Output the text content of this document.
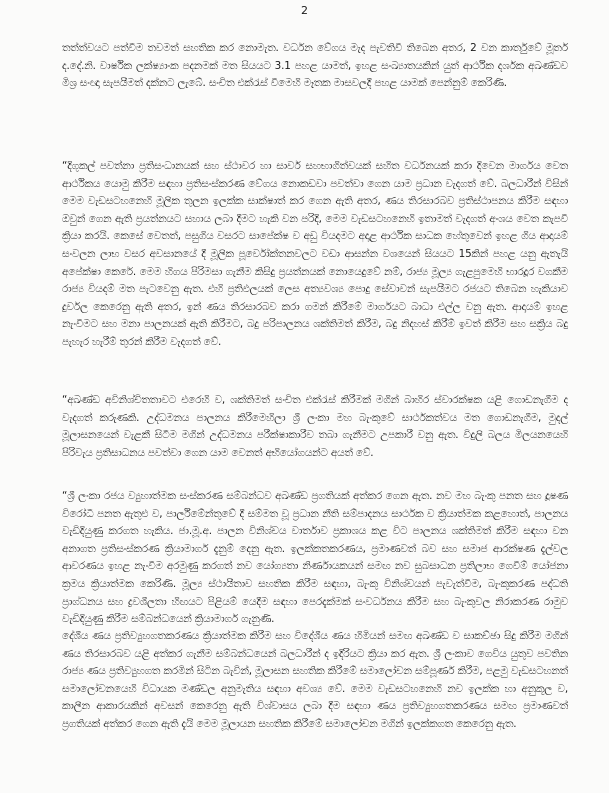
2

තත්ත්වයට පත්වීම තවමත් සහතික කර නොමැත. වර්ධන වේගය මැද පැවතිවී තිබෙන අතර, 2 වන කාර්තුවේ මූර්ත ද.දේ.නි. වාර්ෂික ලක්ෂ්‍යාංක පදනමක් මත සියයට 3.1 පහළ යාමත්, ඉහළ සංඛ්‍යාතයකින් යුත් ආර්ථික දර්ශක අඛණ්ඩව මිශ්‍ර සංඥා සැපයීමත් දක්නට ලැබේ. සංචිත එක්රැස් වීමෙහි මෑතක මාසවලදී පහළ යාමක් පෙන්නුම් කෙරිණි.

“දිගුකල් පවත්නා ප්‍රතිසංධානයක් සහ ස්ථාවර හා සාර්ව සහභාගිත්වයක් සහිත වර්ධනයක් කරා දිවෙන මාර්ගය වෙත ආර්ථිකය යොමු කිරීම සඳහා ප්‍රතිසංස්කරණ වේගය නොකඩවා පවත්වා ගෙන යාම ප්‍රධාන වැදගත් වේ. බලධාරීන් විසින් මෙම වැඩසටහනෙහි මූලික තුලන ඉලක්ක සාක්ෂාත් කර ගෙන ඇති අතර, ණය තිරසාරබව ප්‍රතිස්ථාපනය කිරීම සඳහා ඔවුන් ගෙන ඇති ප්‍රයත්නයට සහාය ලබා දීමට හැකි වන පරිදි, මෙම වැඩසටහනෙහි ඉතාමත් වැදගත් අංශය වෙත කැපවී ක්‍රියා කරයි. කෙසේ වෙතත්, පසුගිය වසරට සාපේක්ෂ ව අඩු වියදමට අදාළ ආර්ථික සාධක හේතුවෙන් ඉහළ ගිය ආදායම් සංවලන ලාභ වසර අවසානයේ දී මූලික පූර්වෝක්තනවලට වඩා ආසන්න වශයෙන් සියයට 15කින් පහළ යනු ඇතැයි අපේක්ෂා කෙරේ. මෙම හිගය පිරිමසා ගැනීම කිසිදු ප්‍රයත්නයක් නොයෙදුවේ නම්, රාජ්‍ය මූල්‍ය ගැළපුමෙහි භාරදූර වගකීම රාජ්‍ය වියදම් මත පැටවෙනු ඇත. එහි ප්‍රතිඵලයක් ලෙස අත්‍යවශ්‍ය පොදු සේවාවන් සැපයීමට රජයට තිබෙන හැකියාව දුර්වල කෙරෙනු ඇති අතර, ඉන් ණය තිරසාරබව කරා ගමන් කිරීමේ මාර්ගයට බාධා එල්ල වනු ඇත. ආදායම් ඉහළ නැංවීමට සහ මනා පාලනයක් ඇති කිරීමට, බදු පරිපාලනය ශක්තිමත් කිරීම, බදු නිදහස් කිරීම් ඉවත් කිරීම සහ සක්‍රිය බදු පැහැර හැරීම් තුරන් කිරීම වැදගත් වේ.

“අඛණ්ඩ අවිනිශ්චිතතාවට එරෙහි ව, ශක්තිමත් සංචිත එක්රැස් කිරීමක් මගින් බාහිර ස්වාරක්ෂක යළි ගොඩනැගීම ද වැදගත් කරුණකි. උද්ධමනය පාලනය කිරීමෙහිලා ශ්‍රී ලංකා මහ බැංකුවේ සාර්ථකත්වය මත ගොඩනැගීම, මුදල් මූලාසනයෙන් වැළකී සිටීම මගින් උද්ධමනය පරීක්ෂාකාරීව තබා ගැනීමට උපකාරී වනු ඇත. විදුලි බලය මිලයනයෙහි පිරිවැය ප්‍රතිසාධනය පවත්වා ගෙන යාම වෙනත් අභියෝගයන්ට අයත් වේ.

“ශ්‍රී ලංකා රජය ව්‍යුහාත්මක සංස්කරණ සම්බන්ධව අඛණ්ඩ ප්‍රගතියක් අත්කර ගෙන ඇත. නව මහ බැංකු පනත සහ දූෂණ විරෝධී පනත ඇතුළු ව, පාර්ලිමේන්තුවේ දී සම්මත වූ ප්‍රධාන නීති සම්පාදනය සාර්ථක ව ක්‍රියාත්මක කළහොත්, පාලනය වැඩිදියුණු කරගත හැකිය. ජා.මූ.අ. පාලන විනිශ්චය වාර්තාව ප්‍රකාශය කළ විට පාලනය ශක්තිමත් කිරීම සඳහා වන අනාගත ප්‍රතිසංස්කරණ ක්‍රියාමාර්ග දැනුම් දෙනු ඇත. ඉලක්කතකරණය, ප්‍රමාණවත් බව සහ සමාජ ආරක්ෂණ දැල්වල ආවරණය ඉහළ නැංවීම අරමුණු කරගත් නව යෝග්‍යතා නිර්ණායකයන් සමඟ නව සුබසාධන ප්‍රතිලාභ ගෙවීම් යෝජනා ක්‍රමය ක්‍රියාත්මක කෙරිණි. මූල්‍ය ස්ථායීතාව සහතික කිරීම සඳහා, බැංකු විනිශ්චයන් පැවැත්වීම, බැංකුකරණ පද්ධති ප්‍රාග්ධනය සහ ද්‍රවශීලතා හිඟයට පිළියම් යෙදීම සඳහා පෙරදැක්මක් සංවර්ධනය කිරීම සහ බැංකුවල නිරාකරණ රාමුව වැඩිදියුණු කිරීම සම්බන්ධයෙන් ක්‍රියාමාර්ග ගැනුණි.

දේශීය ණය ප්‍රතිව්‍යුහගතකරණය ක්‍රියාත්මක කිරීම සහ විදේශීය ණය හිමියන් සමඟ අඛණ්ඩ ව සාකච්ඡා සිදු කිරීම මගින් ණය තිරසාරබව යළි අත්කර ගැනීම සම්බන්ධයෙන් බලධාරීන් ද ඉදිරියට ක්‍රියා කර ඇත. ශ්‍රී ලංකාව ගෙවිය යුතුව පවතින රාජ්‍ය ණය ප්‍රතිව්‍යුහගත කරමින් සිටින බැවින්, මූලාසන සහතික කිරීමේ සමාලෝචන සම්පූර්ණ කිරීම, පළමු වැඩසටහනත් සමාලෝචනයෙහි විධායක මණ්ඩල අනුමැතිය සඳහා අවශ්‍ය වේ. මෙම වැඩසටහනෙහි නව ඉලක්ක හා අනුකූල ව, කාලීන ආකාරයකින් අවසන් කෙරෙනු ඇති විශ්වාසය ලබා දීම සඳහා ණය ප්‍රතිව්‍යුහගතකරණය සමඟ ප්‍රමාණවත් ප්‍රගතියක් අත්කර ගෙන ඇති දැයි මෙම මූලායන සහතික කිරීමේ සමාලෝචන මගින් ඉලක්කගත කෙරෙනු ඇත.
